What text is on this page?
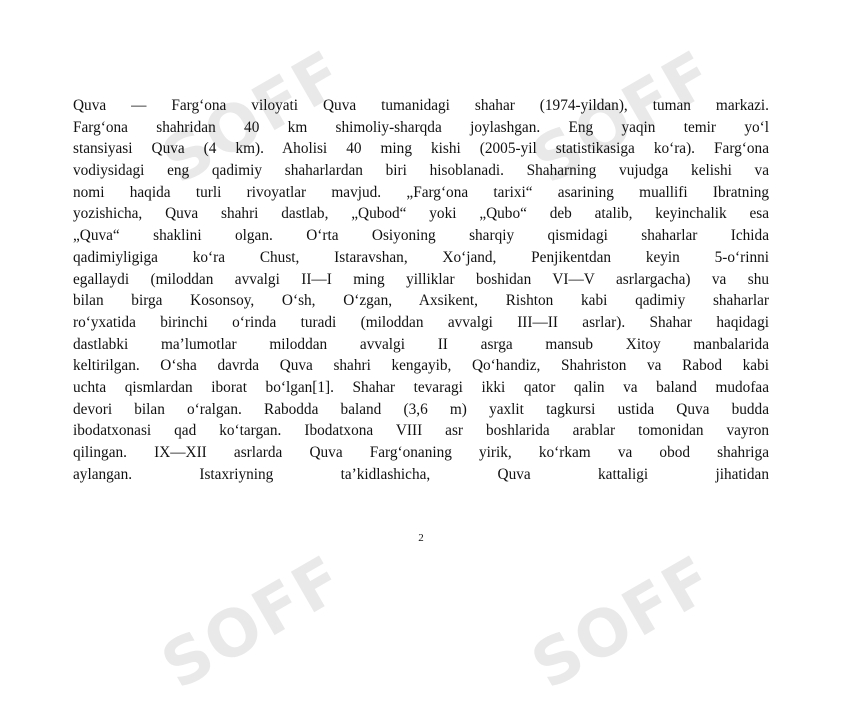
SOFF	SOFF
SOFF	SOFF
Quva — Farg‘ona viloyati Quva tumanidagi shahar (1974-yildan), tuman markazi.
Farg‘ona shahridan 40 km shimoliy-sharqda joylashgan. Eng yaqin temir yo‘l
stansiyasi Quva (4 km). Aholisi 40 ming kishi (2005-yil statistikasiga ko‘ra). Farg‘ona
vodiysidagi eng qadimiy shaharlardan biri hisoblanadi. Shaharning vujudga kelishi va
nomi haqida turli rivoyatlar mavjud. „Farg‘ona tarixi“ asarining muallifi Ibratning
yozishicha, Quva shahri dastlab, „Qubod“ yoki „Qubo“ deb atalib, keyinchalik esa
„Quva“ shaklini olgan. O‘rta Osiyoning sharqiy qismidagi shaharlar Ichida
qadimiyligiga ko‘ra Chust, Istaravshan, Xo‘jand, Penjikentdan keyin 5-o‘rinni
egallaydi (miloddan avvalgi II—I ming yilliklar boshidan VI—V asrlargacha) va shu
bilan birga Kosonsoy, O‘sh, O‘zgan, Axsikent, Rishton kabi qadimiy shaharlar
ro‘yxatida birinchi o‘rinda turadi (miloddan avvalgi III—II asrlar). Shahar haqidagi
dastlabki ma’lumotlar miloddan avvalgi II asrga mansub Xitoy manbalarida
keltirilgan. O‘sha davrda Quva shahri kengayib, Qo‘handiz, Shahriston va Rabod kabi
uchta qismlardan iborat bo‘lgan[1]. Shahar tevaragi ikki qator qalin va baland mudofaa
devori bilan o‘ralgan. Rabodda baland (3,6 m) yaxlit tagkursi ustida Quva budda
ibodatxonasi qad ko‘targan. Ibodatxona VIII asr boshlarida arablar tomonidan vayron
qilingan. IX—XII asrlarda Quva Farg‘onaning yirik, ko‘rkam va obod shahriga
aylangan. Istaxriyning ta’kidlashicha, Quva kattaligi jihatidan
2
